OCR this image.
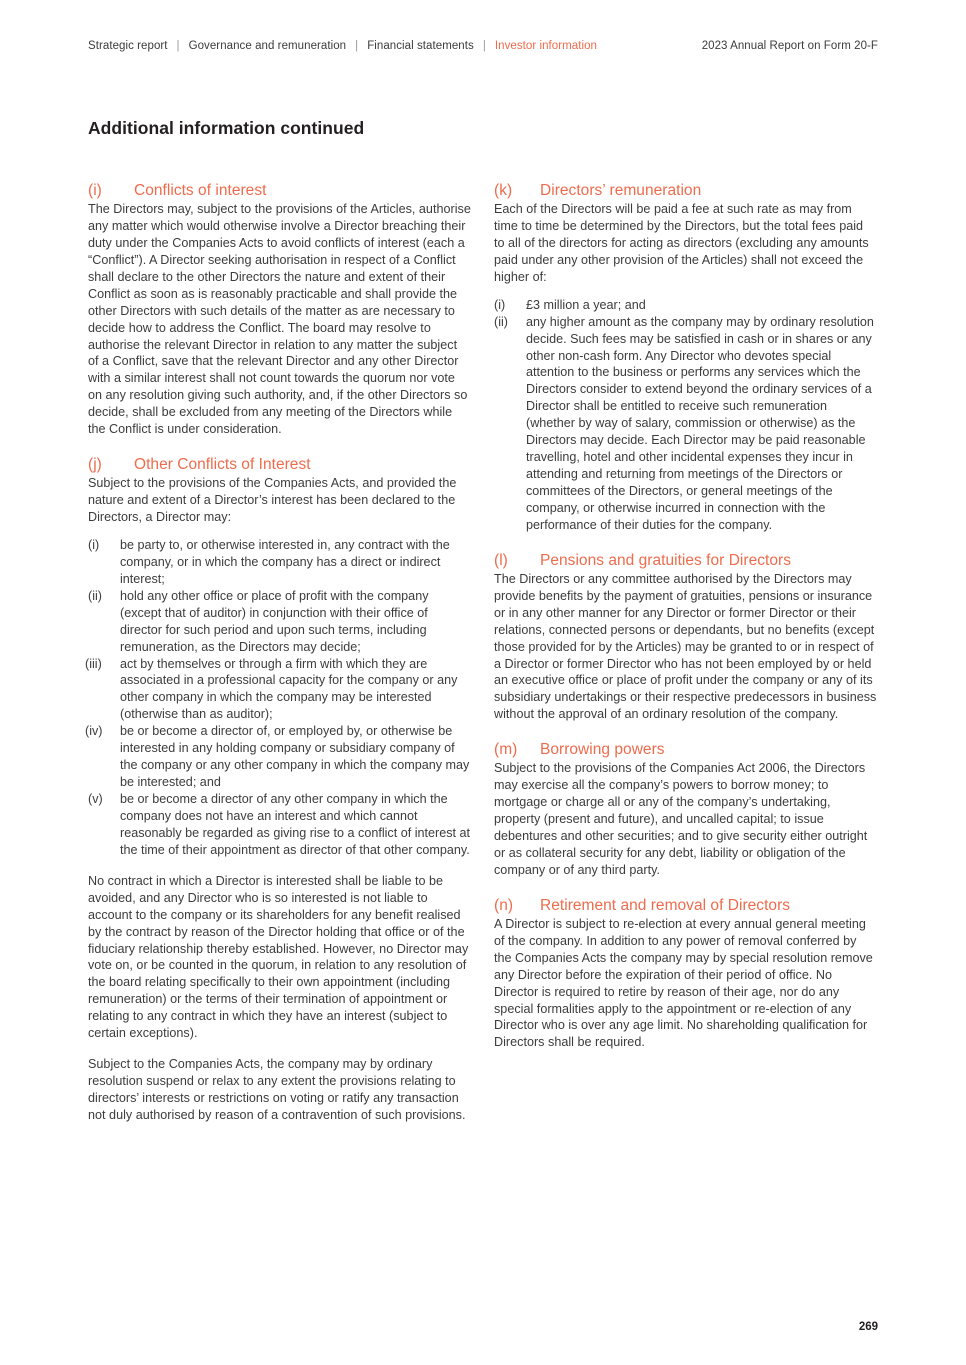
Strategic report | Governance and remuneration | Financial statements | Investor information	2023 Annual Report on Form 20-F
Additional information continued
(i)	Conflicts of interest

The Directors may, subject to the provisions of the Articles, authorise any matter which would otherwise involve a Director breaching their duty under the Companies Acts to avoid conflicts of interest (each a “Conflict”). A Director seeking authorisation in respect of a Conflict shall declare to the other Directors the nature and extent of their Conflict as soon as is reasonably practicable and shall provide the other Directors with such details of the matter as are necessary to decide how to address the Conflict. The board may resolve to authorise the relevant Director in relation to any matter the subject of a Conflict, save that the relevant Director and any other Director with a similar interest shall not count towards the quorum nor vote on any resolution giving such authority, and, if the other Directors so decide, shall be excluded from any meeting of the Directors while the Conflict is under consideration.

(j)	Other Conflicts of Interest

Subject to the provisions of the Companies Acts, and provided the nature and extent of a Director’s interest has been declared to the Directors, a Director may:

(i)	be party to, or otherwise interested in, any contract with the company, or in which the company has a direct or indirect interest;
(ii)	hold any other office or place of profit with the company (except that of auditor) in conjunction with their office of director for such period and upon such terms, including remuneration, as the Directors may decide;
(iii)	act by themselves or through a firm with which they are associated in a professional capacity for the company or any other company in which the company may be interested (otherwise than as auditor);
(iv)	be or become a director of, or employed by, or otherwise be interested in any holding company or subsidiary company of the company or any other company in which the company may be interested; and
(v)	be or become a director of any other company in which the company does not have an interest and which cannot reasonably be regarded as giving rise to a conflict of interest at the time of their appointment as director of that other company.

No contract in which a Director is interested shall be liable to be avoided, and any Director who is so interested is not liable to account to the company or its shareholders for any benefit realised by the contract by reason of the Director holding that office or of the fiduciary relationship thereby established. However, no Director may vote on, or be counted in the quorum, in relation to any resolution of the board relating specifically to their own appointment (including remuneration) or the terms of their termination of appointment or relating to any contract in which they have an interest (subject to certain exceptions).

Subject to the Companies Acts, the company may by ordinary resolution suspend or relax to any extent the provisions relating to directors’ interests or restrictions on voting or ratify any transaction not duly authorised by reason of a contravention of such provisions.

(k)	Directors’ remuneration

Each of the Directors will be paid a fee at such rate as may from time to time be determined by the Directors, but the total fees paid to all of the directors for acting as directors (excluding any amounts paid under any other provision of the Articles) shall not exceed the higher of:

(i)	£3 million a year; and
(ii)	any higher amount as the company may by ordinary resolution decide. Such fees may be satisfied in cash or in shares or any other non-cash form. Any Director who devotes special attention to the business or performs any services which the Directors consider to extend beyond the ordinary services of a Director shall be entitled to receive such remuneration (whether by way of salary, commission or otherwise) as the Directors may decide. Each Director may be paid reasonable travelling, hotel and other incidental expenses they incur in attending and returning from meetings of the Directors or committees of the Directors, or general meetings of the company, or otherwise incurred in connection with the performance of their duties for the company.
(l)	Pensions and gratuities for Directors

The Directors or any committee authorised by the Directors may provide benefits by the payment of gratuities, pensions or insurance or in any other manner for any Director or former Director or their relations, connected persons or dependants, but no benefits (except those provided for by the Articles) may be granted to or in respect of a Director or former Director who has not been employed by or held an executive office or place of profit under the company or any of its subsidiary undertakings or their respective predecessors in business without the approval of an ordinary resolution of the company.

(m)	Borrowing powers

Subject to the provisions of the Companies Act 2006, the Directors may exercise all the company’s powers to borrow money; to mortgage or charge all or any of the company’s undertaking, property (present and future), and uncalled capital; to issue debentures and other securities; and to give security either outright or as collateral security for any debt, liability or obligation of the company or of any third party.

(n)	Retirement and removal of Directors

A Director is subject to re-election at every annual general meeting of the company. In addition to any power of removal conferred by the Companies Acts the company may by special resolution remove any Director before the expiration of their period of office. No Director is required to retire by reason of their age, nor do any special formalities apply to the appointment or re-election of any Director who is over any age limit. No shareholding qualification for Directors shall be required.

269
